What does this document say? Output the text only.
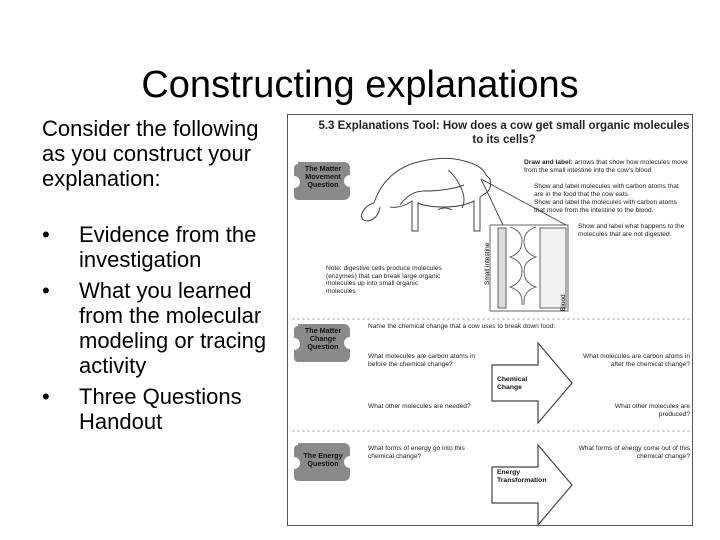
Constructing explanations
Consider the following as you construct your explanation:
• Evidence from the investigation
• What you learned from the molecular modeling or tracing activity
• Three Questions Handout
5.3 Explanations Tool: How does a cow get small organic molecules to its cells?
Draw and label: arrows that show how molecules move from the small intestine into the cow's blood
Show and label molecules with carbon atoms that are in the food that the cow eats.
Show and label the molecules with carbon atoms that move from the intestine to the blood.
Show and label what happens to the molecules that are not digested.
Note: digestive cells produce molecules (enzymes) that can break large organic molecules up into small organic molecules
Small intestine
Blood
The Matter Movement Question
The Matter Change Question
The Energy Question
Name the chemical change that a cow uses to break down food:
What molecules are carbon atoms in before the chemical change?
What molecules are carbon atoms in after the chemical change?
Chemical Change
What other molecules are needed?	What other molecules are produced?
What forms of energy go into this chemical change?
What forms of energy come out of this chemical change?
Energy Transformation
